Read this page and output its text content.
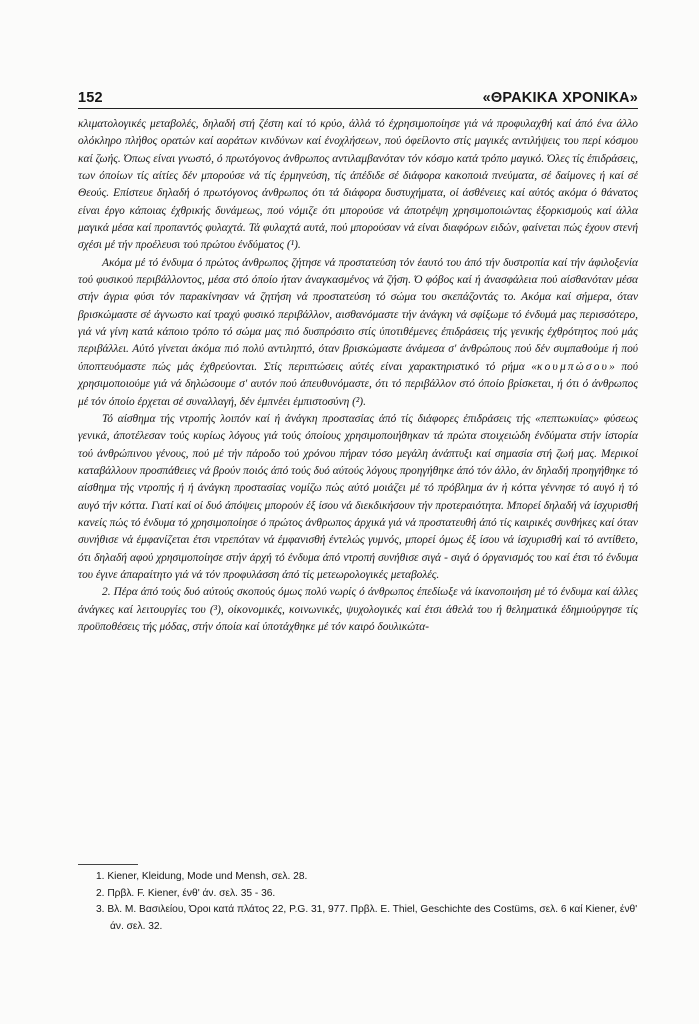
152	«ΘΡΑΚΙΚΑ ΧΡΟΝΙΚΑ»

κλιματολογικές μεταβολές, δηλαδή στή ζέστη καί τό κρύο, άλλά τό έχρησιμοποίησε γιά νά προφυλαχθή καί άπό ένα άλλο ολόκληρο πλήθος ορατών καί αοράτων κινδύνων καί ένοχλήσεων, πού όφείλοντο στίς μαγικές αντιλήψεις του περί κόσμου καί ζωής. Όπως είναι γνωστό, ό πρωτόγονος άνθρωπος αντιλαμβανόταν τόν κόσμο κατά τρόπο μαγικό. Όλες τίς έπιδράσεις, των όποίων τίς αίτίες δέν μπορούσε νά τίς έρμηνεύση, τίς άπέδιδε σέ διάφορα κακοποιά πνεύματα, σέ δαίμονες ή καί σέ Θεούς. Επίστευε δηλαδή ό πρωτόγονος άνθρωπος ότι τά διάφορα δυστυχήματα, οί άσθένειες καί αύτός ακόμα ό θάνατος είναι έργο κάποιας έχθρικής δυνάμεως, πού νόμιζε ότι μπορούσε νά άποτρέψη χρησιμοποιώντας έξορκισμούς καί άλλα μαγικά μέσα καί προπαντός φυλαχτά. Τά φυλαχτά αυτά, πού μπορούσαν νά είναι διαφόρων ειδών, φαίνεται πώς έχουν στενή σχέσι μέ τήν προέλευσι τού πρώτου ένδύματος (¹).

Ακόμα μέ τό ένδυμα ό πρώτος άνθρωπος ζήτησε νά προστατεύση τόν έαυτό του άπό τήν δυστροπία καί τήν άφιλοξενία τού φυσικού περιβάλλοντος, μέσα στό όποίο ήταν άναγκασμένος νά ζήση. Ό φόβος καί ή άνασφάλεια πού αίσθανόταν μέσα στήν άγρια φύσι τόν παρακίνησαν νά ζητήση νά προστατεύση τό σώμα του σκεπάζοντάς το. Ακόμα καί σήμερα, όταν βρισκώμαστε σέ άγνωστο καί τραχύ φυσικό περιβάλλον, αισθανόμαστε τήν άνάγκη νά σφίξωμε τό ένδυμά μας περισσότερο, γιά νά γίνη κατά κάποιο τρόπο τό σώμα μας πιό δυσπρόσιτο στίς ύποτιθέμενες έπιδράσεις τής γενικής έχθρότητος πού μάς περιβάλλει. Αύτό γίνεται άκόμα πιό πολύ αντιληπτό, όταν βρισκώμαστε άνάμεσα σ' άνθρώπους πού δέν συμπαθούμε ή πού ύποπτευόμαστε πώς μάς έχθρεύονται. Στίς περιπτώσεις αύτές είναι χαρακτηριστικό τό ρήμα «κουμπώσου» πού χρησιμοποιούμε γιά νά δηλώσουμε σ' αυτόν πού άπευθυνόμαστε, ότι τό περιβάλλον στό όποίο βρίσκεται, ή ότι ό άνθρωπος μέ τόν όποίο έρχεται σέ συναλλαγή, δέν έμπνέει έμπιστοσύνη (²).

Τό αίσθημα τής ντροπής λοιπόν καί ή άνάγκη προστασίας άπό τίς διάφορες έπιδράσεις τής «πεπτωκυίας» φύσεως γενικά, άποτέλεσαν τούς κυρίως λόγους γιά τούς όποίους χρησιμοποιήθηκαν τά πρώτα στοιχειώδη ένδύματα στήν ίστορία τού άνθρώπινου γένους, πού μέ τήν πάροδο τού χρόνου πήραν τόσο μεγάλη άνάπτυξι καί σημασία στή ζωή μας. Μερικοί καταβάλλουν προσπάθειες νά βρούν ποιός άπό τούς δυό αύτούς λόγους προηγήθηκε άπό τόν άλλο, άν δηλαδή προηγήθηκε τό αίσθημα τής ντροπής ή ή άνάγκη προστασίας νομίζω πώς αύτό μοιάζει μέ τό πρόβλημα άν ή κόττα γέννησε τό αυγό ή τό αυγό τήν κόττα. Γιατί καί οί δυό άπόψεις μπορούν έξ ίσου νά διεκδικήσουν τήν προτεραιότητα. Μπορεί δηλαδή νά ίσχυρισθή κανείς πώς τό ένδυμα τό χρησιμοποίησε ό πρώτος άνθρωπος άρχικά γιά νά προστατευθή άπό τίς καιρικές συνθήκες καί όταν συνήθισε νά έμφανίζεται έτσι ντρεπόταν νά έμφανισθή έντελώς γυμνός, μπορεί όμως έξ ίσου νά ίσχυρισθή καί τό αντίθετο, ότι δηλαδή αφού χρησιμοποίησε στήν άρχή τό ένδυμα άπό ντροπή συνήθισε σιγά - σιγά ό όργανισμός του καί έτσι τό ένδυμα του έγινε άπαραίτητο γιά νά τόν προφυλάσση άπό τίς μετεωρολογικές μεταβολές.

2. Πέρα άπό τούς δυό αύτούς σκοπούς όμως πολύ νωρίς ό άνθρωπος έπεδίωξε νά ίκανοποιήση μέ τό ένδυμα καί άλλες άνάγκες καί λειτουργίες του (³), οίκονομικές, κοινωνικές, ψυχολογικές καί έτσι άθελά του ή θεληματικά έδημιούργησε τίς προϋποθέσεις τής μόδας, στήν όποία καί ύποτάχθηκε μέ τόν καιρό δουλικώτα-

1. Kiener, Kleidung, Mode und Mensh, σελ. 28.
2. Πρβλ. F. Kiener, ένθ' άν. σελ. 35 - 36.
3. Βλ. Μ. Βασιλείου, Όροι κατά πλάτος 22, P.G. 31, 977. Πρβλ. E. Thiel, Geschichte des Costüms, σελ. 6 καί Kiener, ένθ' άν. σελ. 32.
